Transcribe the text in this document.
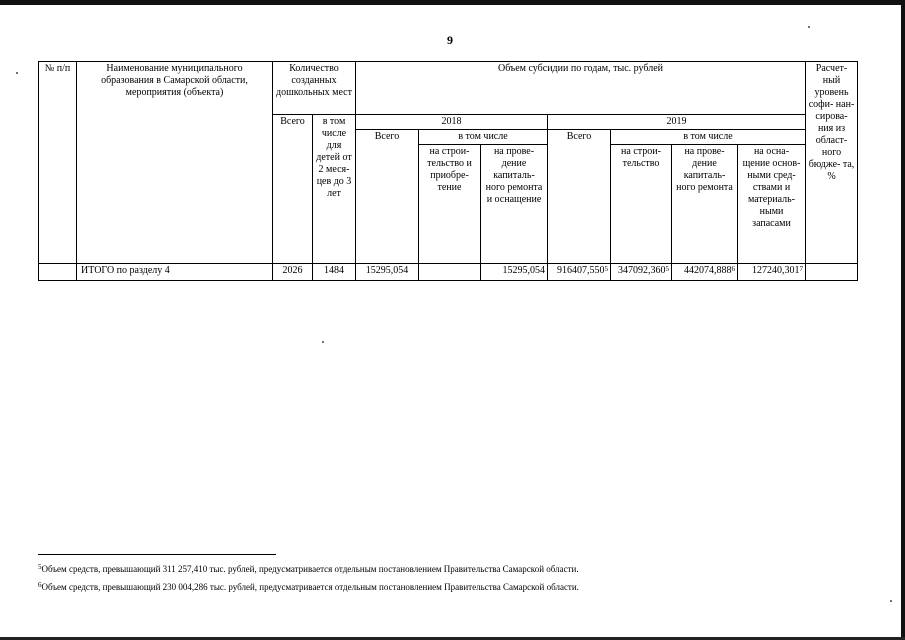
9
№ п/п	Наименование муниципального образования в Самарской области, мероприятия (объекта)	Количество созданных дошкольных мест		Объем субсидии по годам, тыс. рублей							Расчет- ный уровень софи- нан- сирова- ния из област- ного бюдже- та, %
		Всего	в том числе для детей от 2 меся- цев до 3 лет	2018			2019				
				Всего	в том числе		Всего	в том числе			
					на строи- тельство и приобре- тение	на прове- дение капиталь- ного ремонта и оснащение		на строи- тельство	на прове- дение капиталь- ного ремонта	на осна- щение основ- ными сред- ствами и материаль- ными запасами	
	ИТОГО по разделу 4	2026	1484	15295,054		15295,054	916407,550$^5$	347092,360$^5$	442074,888$^6$	127240,301$^7$	
$^5$Объем средств, превышающий 311 257,410 тыс. рублей, предусматривается отдельным постановлением Правительства Самарской области.
$^6$Объем средств, превышающий 230 004,286 тыс. рублей, предусматривается отдельным постановлением Правительства Самарской области.
